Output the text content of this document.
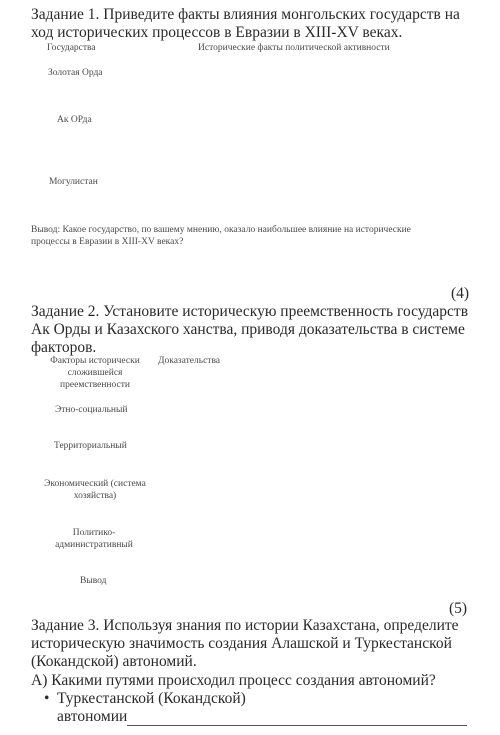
Задание 1. Приведите факты влияния монгольских государств на
ход исторических процессов в Евразии в XIII-XV веках.
Государства	Исторические факты политической активности
Золотая Орда
Ак ОРда
Могулистан
Вывод: Какое государство, по вашему мнению, оказало наибольшее влияние на исторические
процессы в Евразии в XIII-XV веках?
(4)
Задание 2. Установите историческую преемственность государств
Ак Орды и Казахского ханства, приводя доказательства в системе
факторов.
Факторы исторически
сложившейся
преемственности
Доказательства
Этно-социальный
Территориальный
Экономический (система
хозяйства)
Политико-
административный
Вывод
(5)
Задание 3. Используя знания по истории Казахстана, определите
историческую значимость создания Алашской и Туркестанской
(Кокандской) автономий.
А) Какими путями происходил процесс создания автономий?
• Туркестанской (Кокандской)
автономии
